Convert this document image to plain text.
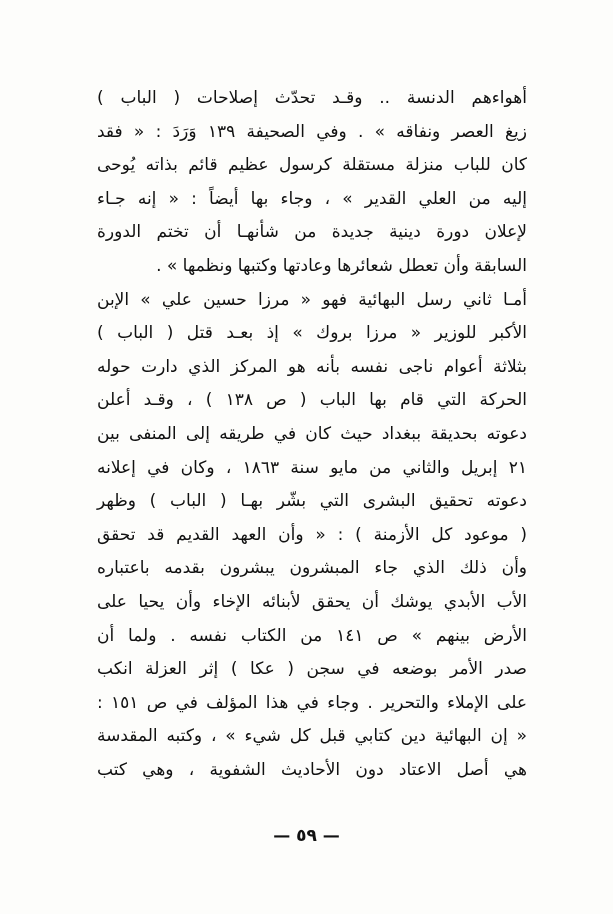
أهواءهم الدنسة .. وقـد تحدّث إصلاحات ( الباب )
زيغ العصر ونفاقه » . وفي الصحيفة ١٣٩ وَرَدَ : « فقد
كان للباب منزلة مستقلة كرسول عظيم قائم بذاته يُوحى
إليه من العلي القدير » ، وجاء بها أيضاً : « إنه جـاء
لإعلان دورة دينية جديدة من شأنهـا أن تختم الدورة
السابقة وأن تعطل شعائرها وعادتها وكتبها ونظمها » .
أمـا ثاني رسل البهائية فهو « مرزا حسين علي » الإبن
الأكبر للوزير « مرزا بروك » إذ بعـد قتل ( الباب )
بثلاثة أعوام ناجى نفسه بأنه هو المركز الذي دارت حوله
الحركة التي قام بها الباب ( ص ١٣٨ ) ، وقـد أعلن
دعوته بحديقة ببغداد حيث كان في طريقه إلى المنفى بين
٢١ إبريل والثاني من مايو سنة ١٨٦٣ ، وكان في إعلانه
دعوته تحقيق البشرى التي بشّر بهـا ( الباب ) وظهر
( موعود كل الأزمنة ) : « وأن العهد القديم قد تحقق
وأن ذلك الذي جاء المبشرون يبشرون بقدمه باعتباره
الأب الأبدي يوشك أن يحقق لأبنائه الإخاء وأن يحيا على
الأرض بينهم » ص ١٤١ من الكتاب نفسه . ولما أن
صدر الأمر بوضعه في سجن ( عكا ) إثر العزلة انكب
على الإملاء والتحرير . وجاء في هذا المؤلف في ص ١٥١ :
« إن البهائية دين كتابي قبل كل شيء » ، وكتبه المقدسة
هي أصل الاعتاد دون الأحاديث الشفوية ، وهي كتب
— ٥٩ —
